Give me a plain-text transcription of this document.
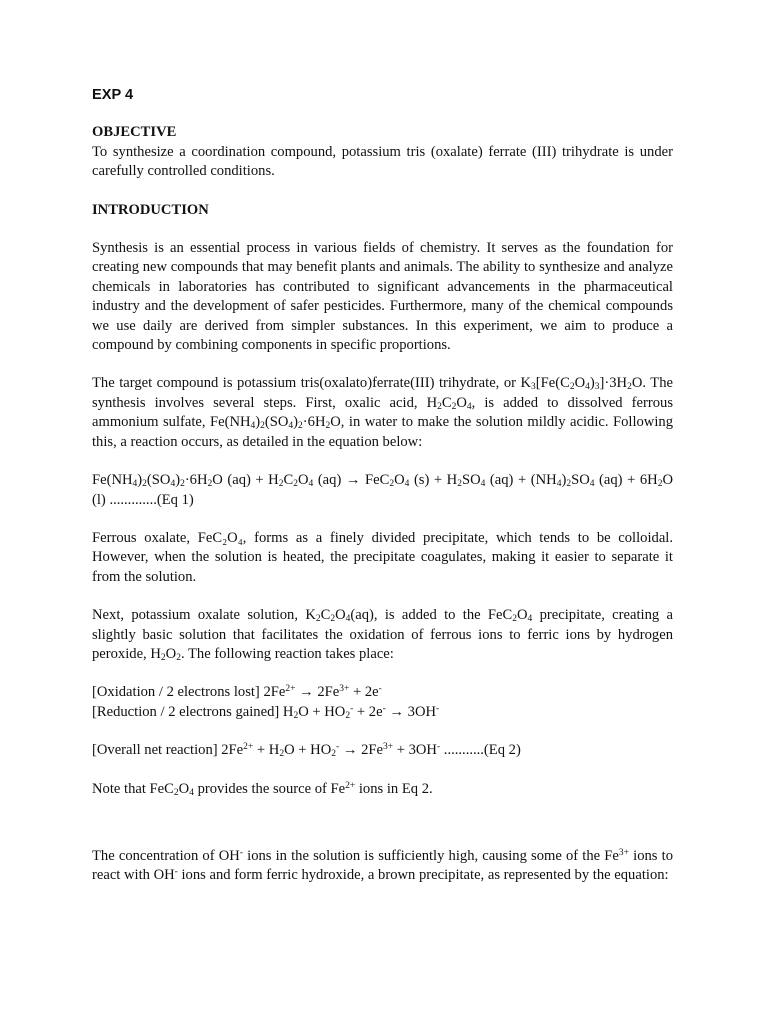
EXP 4
OBJECTIVE

To synthesize a coordination compound, potassium tris (oxalate) ferrate (III) trihydrate is under carefully controlled conditions.

INTRODUCTION

Synthesis is an essential process in various fields of chemistry. It serves as the foundation for creating new compounds that may benefit plants and animals. The ability to synthesize and analyze chemicals in laboratories has contributed to significant advancements in the pharmaceutical industry and the development of safer pesticides. Furthermore, many of the chemical compounds we use daily are derived from simpler substances. In this experiment, we aim to produce a compound by combining components in specific proportions.

The target compound is potassium tris(oxalato)ferrate(III) trihydrate, or $K_3[Fe(C_2O_4)_3]\cdot 3H_2O$. The synthesis involves several steps. First, oxalic acid, $H_2C_2O_4$, is added to dissolved ferrous ammonium sulfate, $Fe(NH_4)_2(SO_4)_2\cdot 6H_2O$, in water to make the solution mildly acidic. Following this, a reaction occurs, as detailed in the equation below:

$Fe(NH_4)_2(SO_4)_2\cdot 6H_2O$ $(aq) + H_2C_2O_4$ $(aq) \to FeC_2O_4$ $(s) + H_2SO_4$ $(aq) + (NH_4)_2SO_4$ $(aq) + 6H_2O$ (l) .............(Eq 1)

Ferrous oxalate, FeC₂O₄, forms as a finely divided precipitate, which tends to be colloidal. However, when the solution is heated, the precipitate coagulates, making it easier to separate it from the solution.

Next, potassium oxalate solution, $K_2C_2O_4(aq)$, is added to the $FeC_2O_4$ precipitate, creating a slightly basic solution that facilitates the oxidation of ferrous ions to ferric ions by hydrogen peroxide, $H_2O_2$. The following reaction takes place:

[Oxidation / 2 electrons lost] $2Fe^{2+} \to 2Fe^{3+} + 2e^-$
[Reduction / 2 electrons gained] $H_2O + HO_2^- + 2e^- \to 3OH^-$
[Overall net reaction] $2Fe^{2+} + H_2O + HO_2^- \to 2Fe^{3+} + 3OH^-$ ...........(Eq 2)

Note that $FeC_2O_4$ provides the source of $Fe^{2+}$ ions in Eq 2.

The concentration of OH- ions in the solution is sufficiently high, causing some of the $Fe^{3+}$ ions to react with OH- ions and form ferric hydroxide, a brown precipitate, as represented by the equation:
